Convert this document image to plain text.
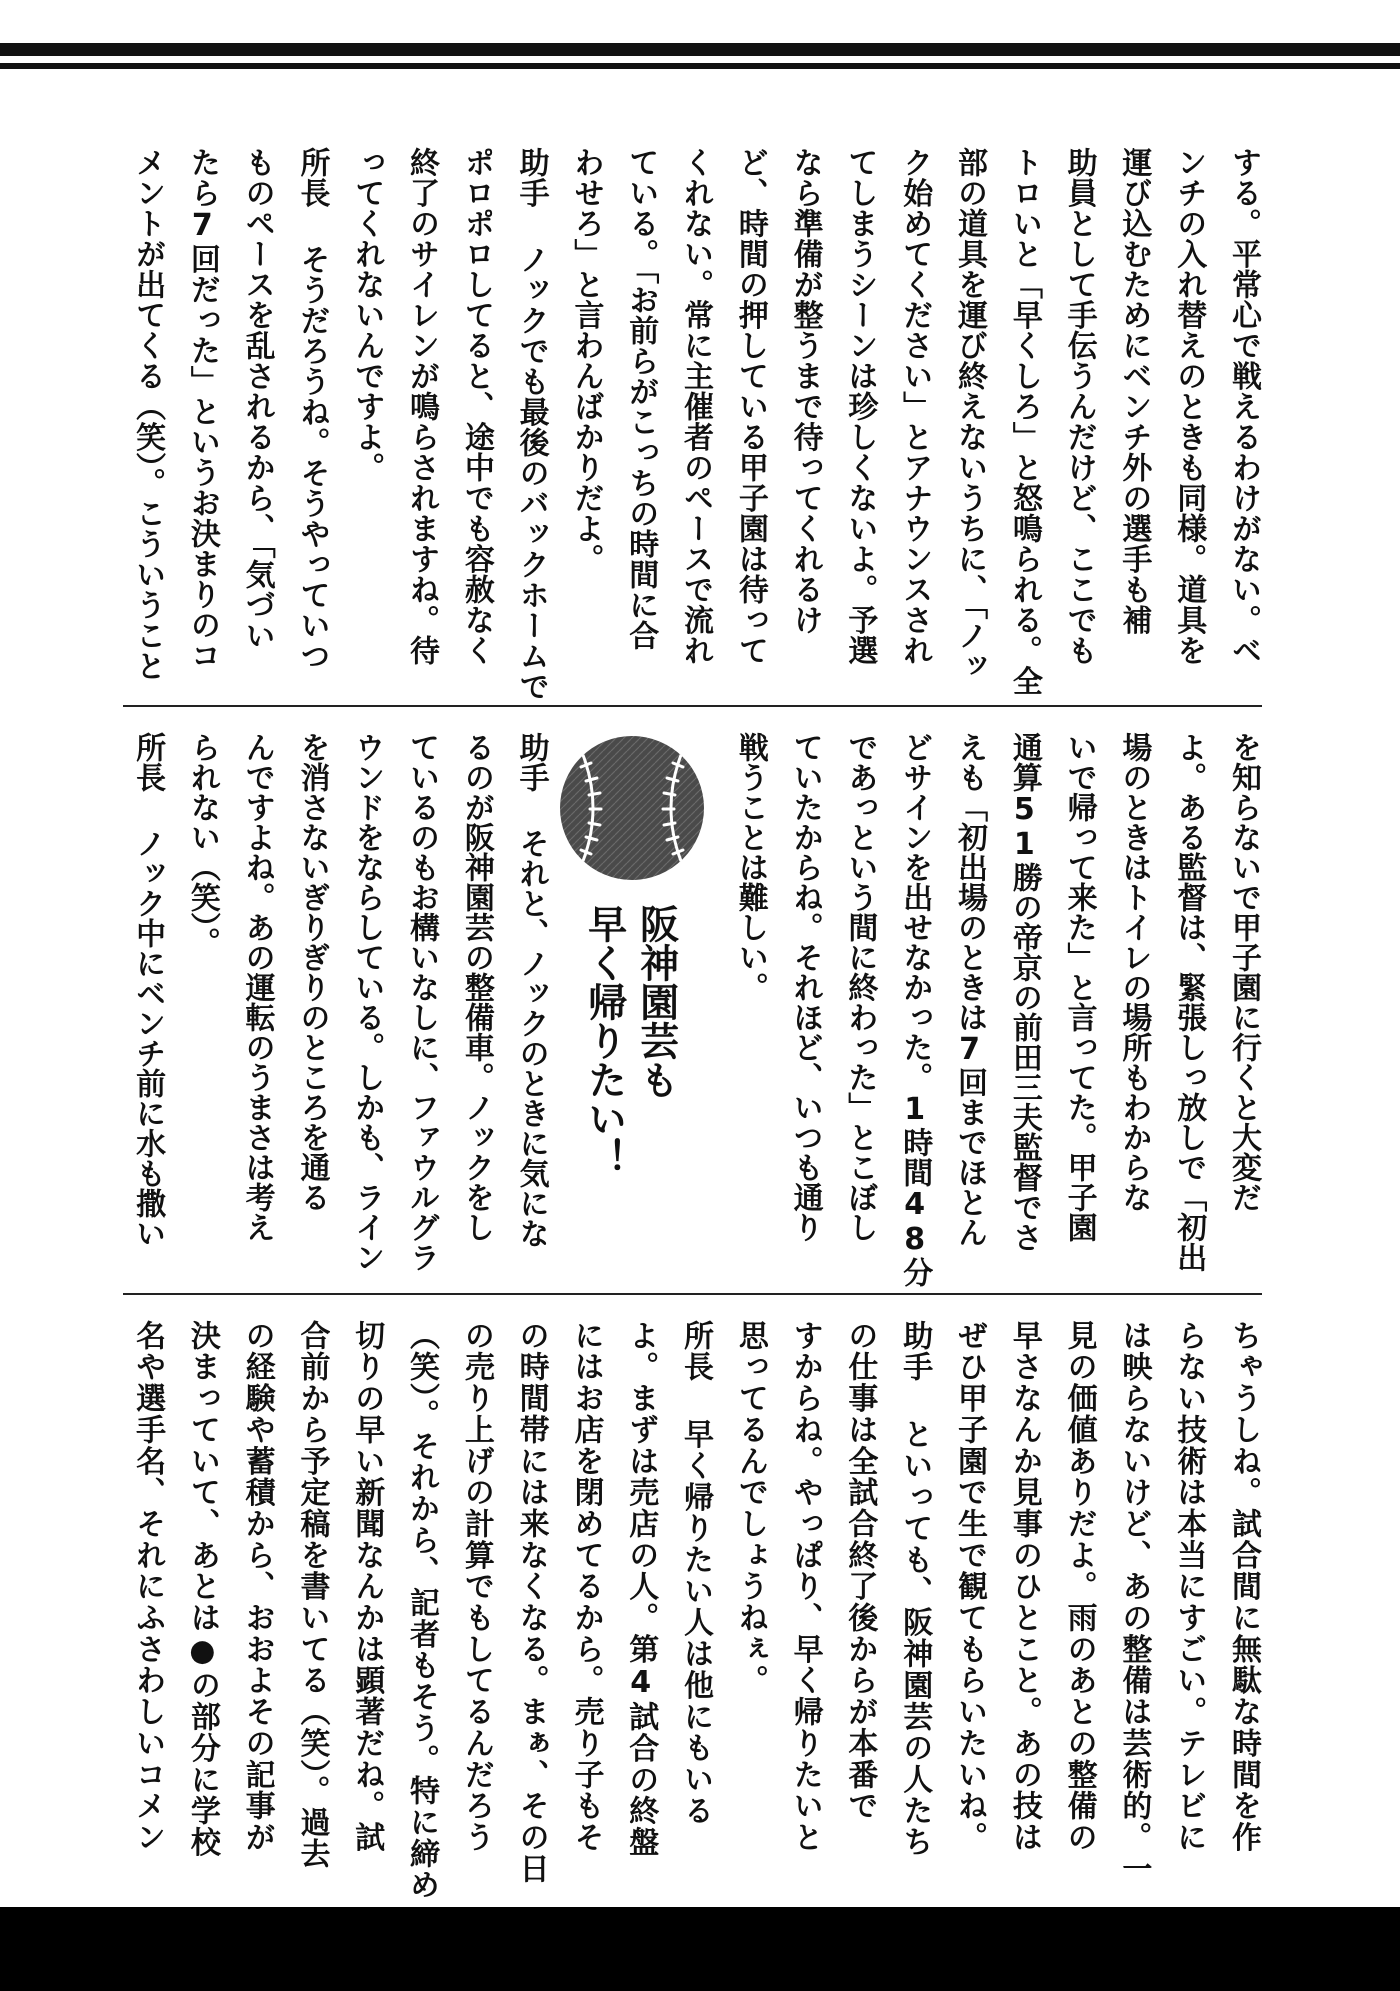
する。平常心で戦えるわけがない。ベ
ンチの入れ替えのときも同様。道具を
運び込むためにベンチ外の選手も補
助員として手伝うんだけど、ここでも
トロいと「早くしろ」と怒鳴られる。全
部の道具を運び終えないうちに、「ノッ
ク始めてください」とアナウンスされ
てしまうシーンは珍しくないよ。予選
なら準備が整うまで待ってくれるけ
ど、時間の押している甲子園は待って
くれない。常に主催者のペースで流れ
ている。「お前らがこっちの時間に合
わせろ」と言わんばかりだよ。
助手ノックでも最後のバックホームで
ポロポロしてると、途中でも容赦なく
終了のサイレンが鳴らされますね。待
ってくれないんですよ。
所長そうだろうね。そうやっていつ
ものペースを乱されるから、「気づい
たら7回だった」というお決まりのコ
メントが出てくる（笑）。こういうこと
を知らないで甲子園に行くと大変だ
よ。ある監督は、緊張しっ放しで「初出
場のときはトイレの場所もわからな
いで帰って来た」と言ってた。甲子園
通算51勝の帝京の前田三夫監督でさ
えも「初出場のときは7回までほとん
どサインを出せなかった。1時間48分
であっという間に終わった」とこぼし
ていたからね。それほど、いつも通り
戦うことは難しい。
阪神園芸も
早く帰りたい！
助手それと、ノックのときに気にな
るのが阪神園芸の整備車。ノックをし
ているのもお構いなしに、ファウルグラ
ウンドをならしている。しかも、ライン
を消さないぎりぎりのところを通る
んですよね。あの運転のうまさは考え
られない（笑）。
所長ノック中にベンチ前に水も撒い
ちゃうしね。試合間に無駄な時間を作
らない技術は本当にすごい。テレビに
は映らないけど、あの整備は芸術的。一
見の価値ありだよ。雨のあとの整備の
早さなんか見事のひとこと。あの技は
ぜひ甲子園で生で観てもらいたいね。
助手といっても、阪神園芸の人たち
の仕事は全試合終了後からが本番で
すからね。やっぱり、早く帰りたいと
思ってるんでしょうねぇ。
所長早く帰りたい人は他にもいる
よ。まずは売店の人。第4試合の終盤
にはお店を閉めてるから。売り子もそ
の時間帯には来なくなる。まぁ、その日
の売り上げの計算でもしてるんだろう
（笑）。それから、記者もそう。特に締め
切りの早い新聞なんかは顕著だね。試
合前から予定稿を書いてる（笑）。過去
の経験や蓄積から、おおよその記事が
決まっていて、あとは●の部分に学校
名や選手名、それにふさわしいコメン
